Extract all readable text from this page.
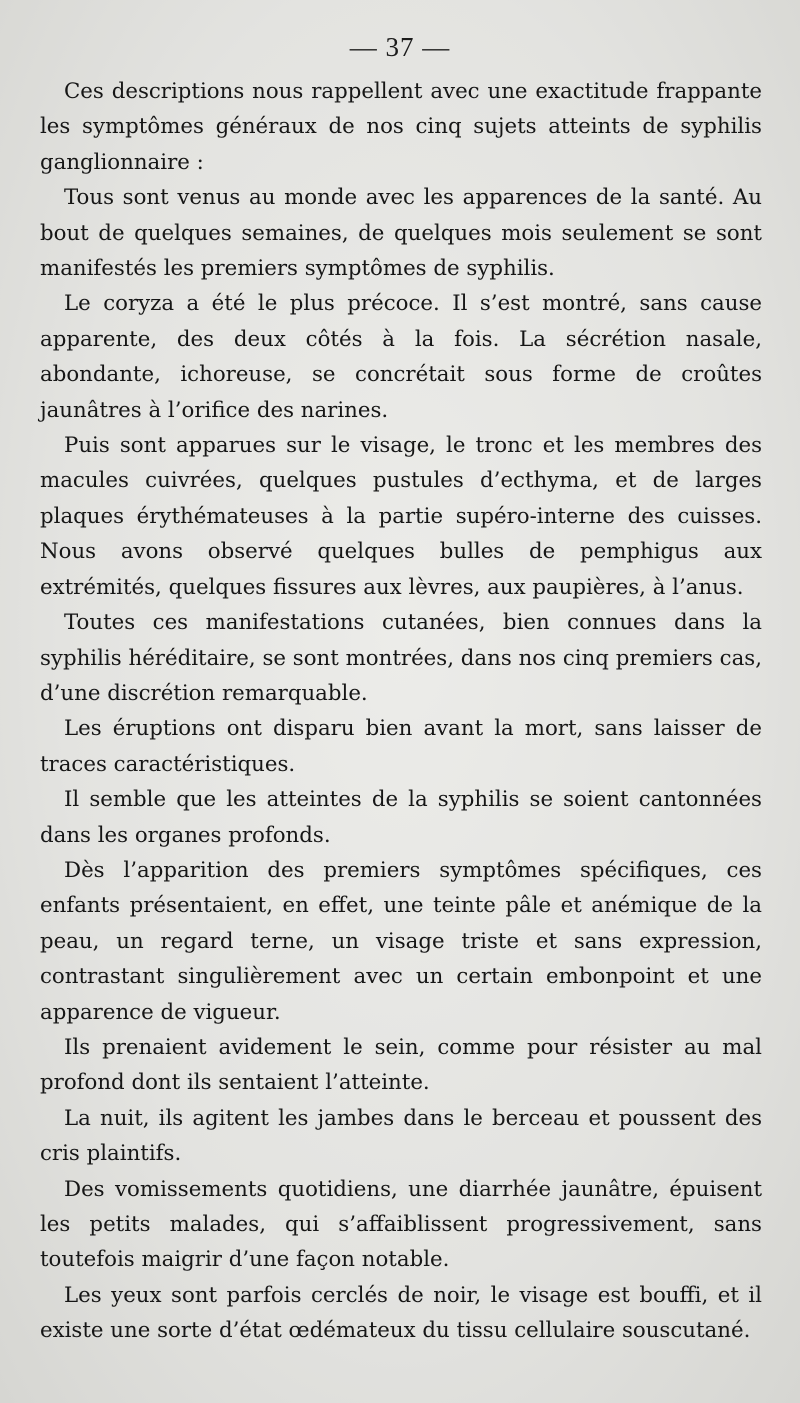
— 37 —

Ces descriptions nous rappellent avec une exactitude frappante les symptômes généraux de nos cinq sujets atteints de syphilis ganglionnaire :

Tous sont venus au monde avec les apparences de la santé. Au bout de quelques semaines, de quelques mois seulement se sont manifestés les premiers symptômes de syphilis.

Le coryza a été le plus précoce. Il s’est montré, sans cause apparente, des deux côtés à la fois. La sécrétion nasale, abondante, ichoreuse, se concrétait sous forme de croûtes jaunâtres à l’orifice des narines.

Puis sont apparues sur le visage, le tronc et les membres des macules cuivrées, quelques pustules d’ecthyma, et de larges plaques érythémateuses à la partie supéro-interne des cuisses. Nous avons observé quelques bulles de pemphigus aux extrémités, quelques fissures aux lèvres, aux paupières, à l’anus.

Toutes ces manifestations cutanées, bien connues dans la syphilis héréditaire, se sont montrées, dans nos cinq premiers cas, d’une discrétion remarquable.

Les éruptions ont disparu bien avant la mort, sans laisser de traces caractéristiques.

Il semble que les atteintes de la syphilis se soient cantonnées dans les organes profonds.

Dès l’apparition des premiers symptômes spécifiques, ces enfants présentaient, en effet, une teinte pâle et anémique de la peau, un regard terne, un visage triste et sans expression, contrastant singulièrement avec un certain embonpoint et une apparence de vigueur.

Ils prenaient avidement le sein, comme pour résister au mal profond dont ils sentaient l’atteinte.

La nuit, ils agitent les jambes dans le berceau et poussent des cris plaintifs.

Des vomissements quotidiens, une diarrhée jaunâtre, épuisent les petits malades, qui s’affaiblissent progressivement, sans toutefois maigrir d’une façon notable.

Les yeux sont parfois cerclés de noir, le visage est bouffi, et il existe une sorte d’état œdémateux du tissu cellulaire souscutané.
